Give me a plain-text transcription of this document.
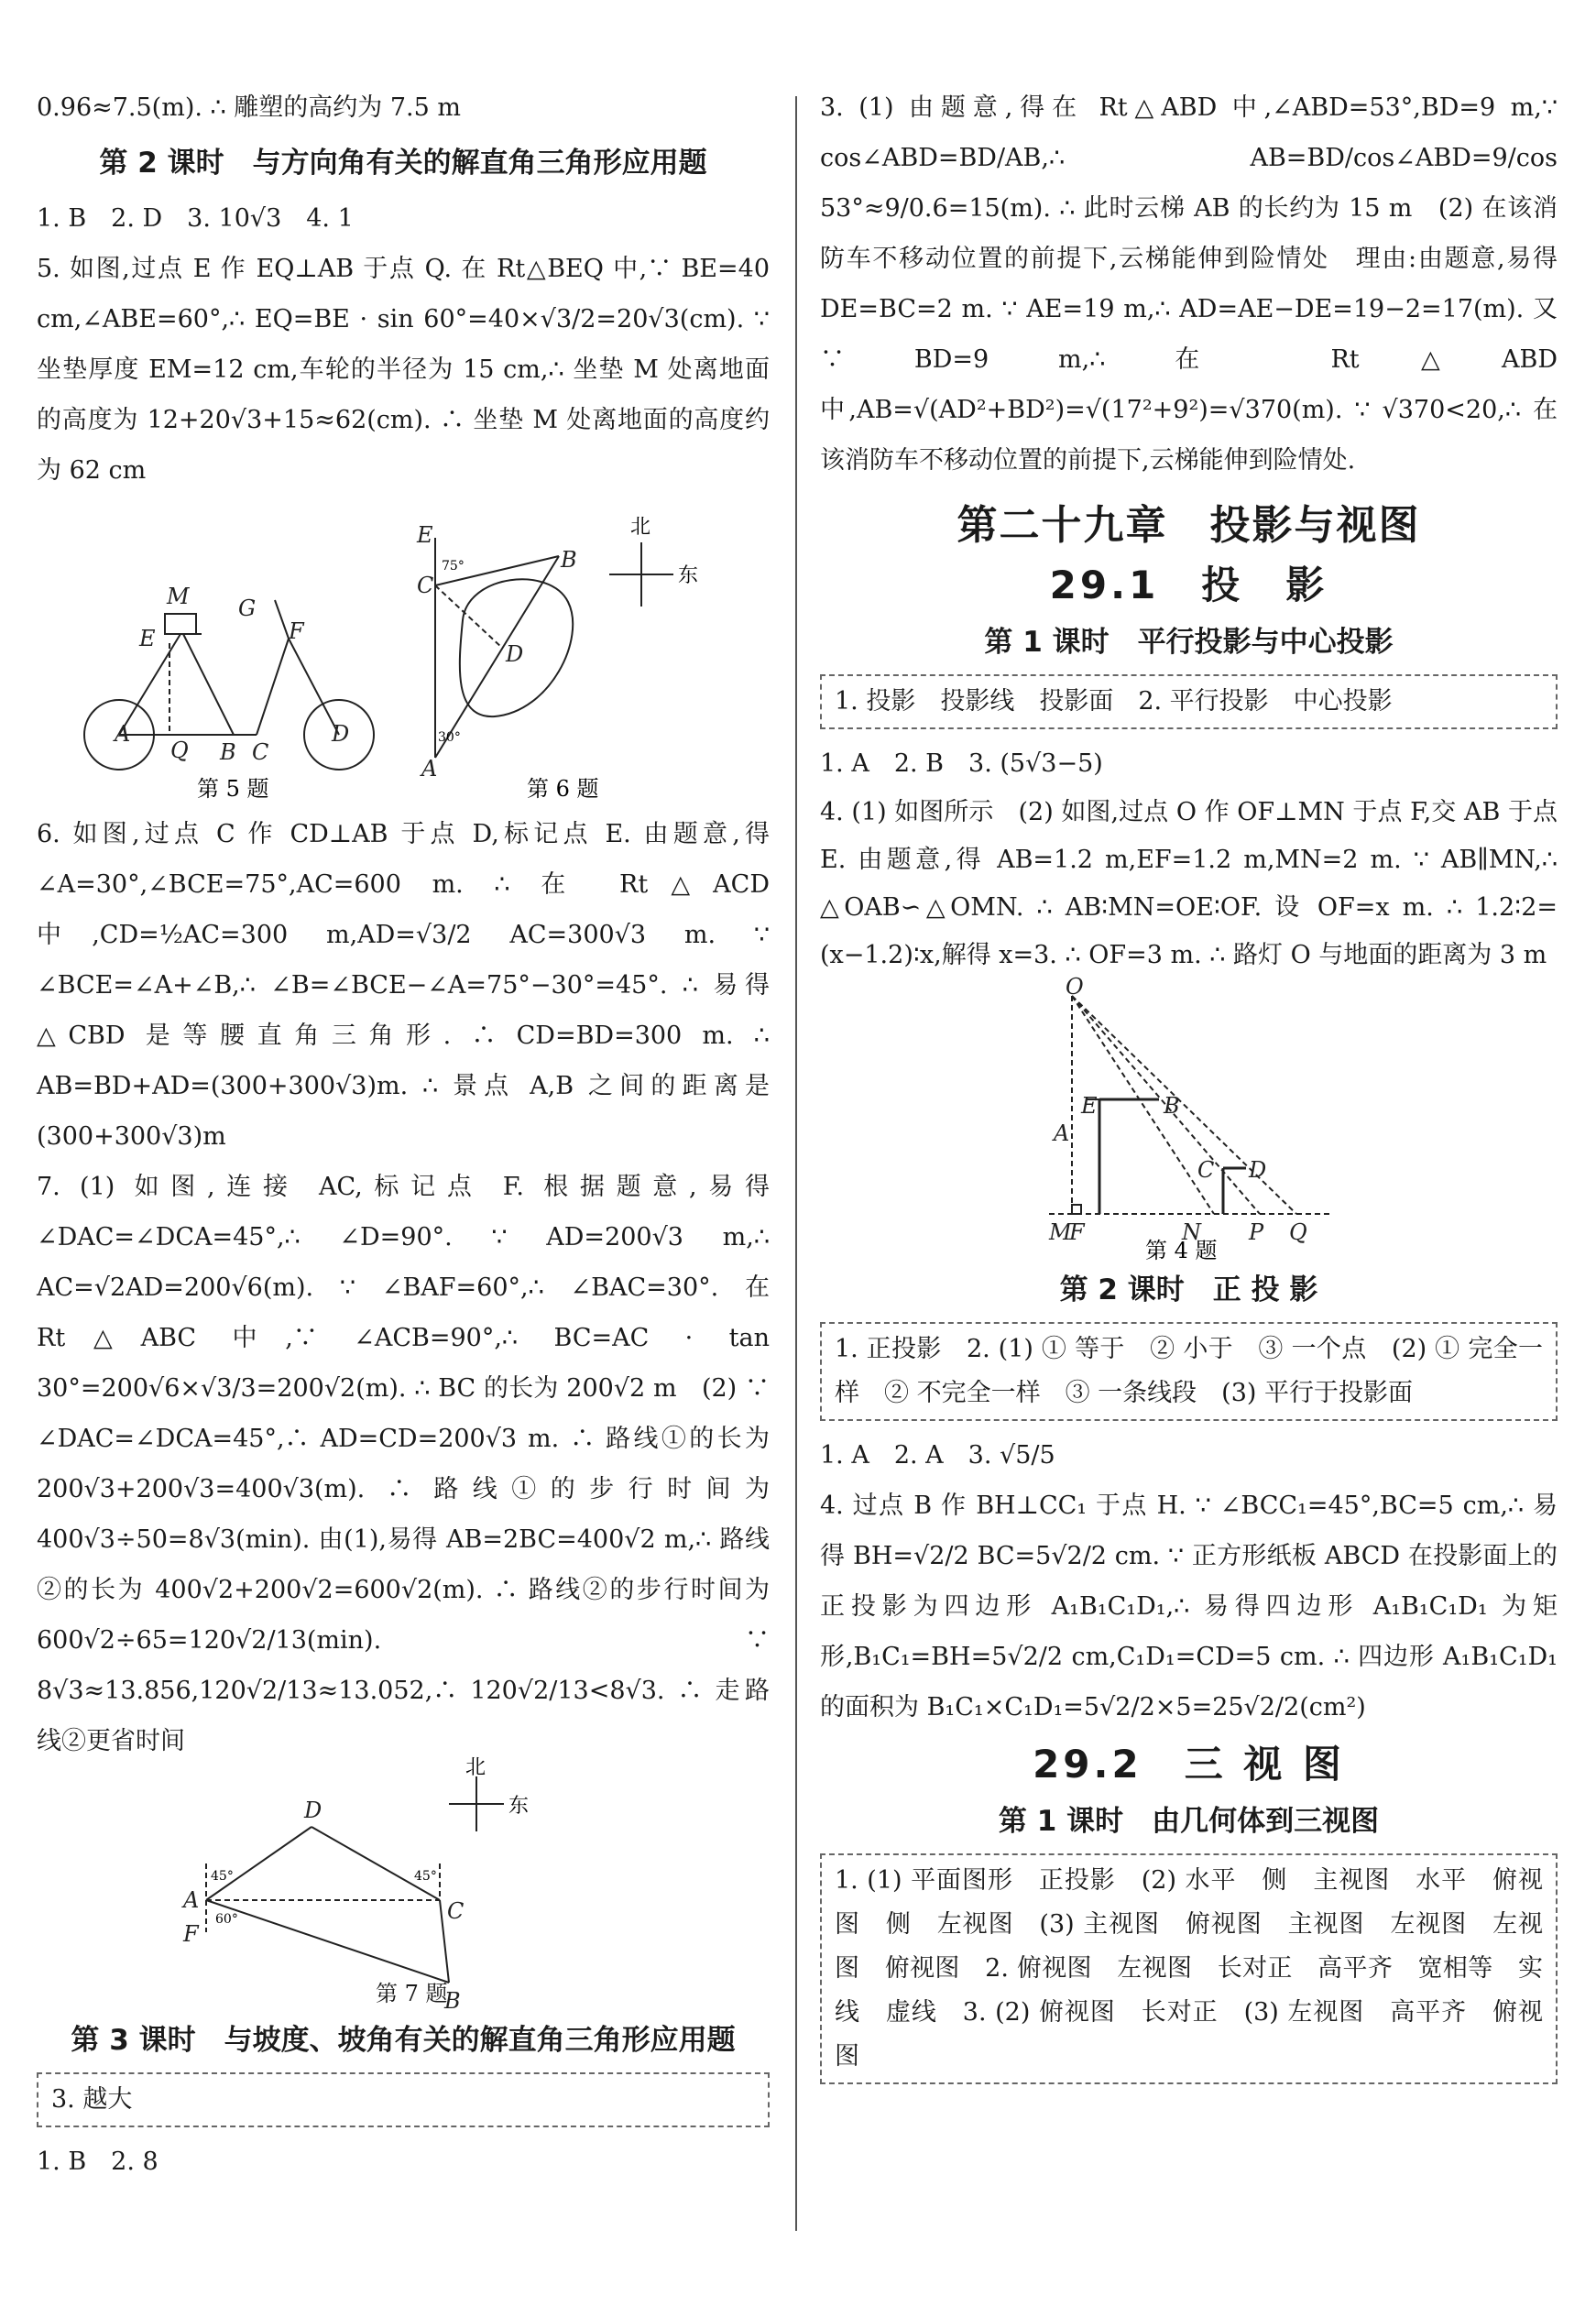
0.96≈7.5(m). ∴ 雕塑的高约为 7.5 m

第 2 课时　与方向角有关的解直角三角形应用题

1. B　2. D　3. 10√3　4. 1

5. 如图,过点 E 作 EQ⊥AB 于点 Q. 在 Rt△BEQ 中,∵ BE=40 cm,∠ABE=60°,∴ EQ=BE · sin 60°=40×√3/2=20√3(cm). ∵ 坐垫厚度 EM=12 cm,车轮的半径为 15 cm,∴ 坐垫 M 处离地面的高度为 12+20√3+15≈62(cm). ∴ 坐垫 M 处离地面的高度约为 62 cm

M
E
G
F
A
Q B C
D
第 5 题
E
C
B
D
A
75°
30°
北
东
第 6 题

6. 如图,过点 C 作 CD⊥AB 于点 D,标记点 E. 由题意,得∠A=30°,∠BCE=75°,AC=600 m. ∴ 在 Rt△ACD 中,CD=½AC=300 m,AD=√3/2 AC=300√3 m. ∵ ∠BCE=∠A+∠B,∴ ∠B=∠BCE−∠A=75°−30°=45°. ∴ 易得△CBD 是等腰直角三角形. ∴ CD=BD=300 m. ∴ AB=BD+AD=(300+300√3)m. ∴ 景点 A,B 之间的距离是(300+300√3)m

7. (1) 如图,连接 AC,标记点 F. 根据题意,易得∠DAC=∠DCA=45°,∴ ∠D=90°. ∵ AD=200√3 m,∴ AC=√2AD=200√6(m). ∵ ∠BAF=60°,∴ ∠BAC=30°. 在 Rt△ABC 中,∵ ∠ACB=90°,∴ BC=AC · tan 30°=200√6×√3/3=200√2(m). ∴ BC 的长为 200√2 m　(2) ∵ ∠DAC=∠DCA=45°,∴ AD=CD=200√3 m. ∴ 路线①的长为 200√3+200√3=400√3(m). ∴ 路线①的步行时间为 400√3÷50=8√3(min). 由(1),易得 AB=2BC=400√2 m,∴ 路线②的长为 400√2+200√2=600√2(m). ∴ 路线②的步行时间为 600√2÷65=120√2/13(min). ∵ 8√3≈13.856,120√2/13≈13.052,∴ 120√2/13<8√3. ∴ 走路线②更省时间

D
A	C
F
B
45°	45°
60°
北
东
第 7 题
第 3 课时　与坡度、坡角有关的解直角三角形应用题

3. 越大

1. B　2. 8

3. (1) 由题意,得在 Rt△ABD 中,∠ABD=53°,BD=9 m,∵ cos∠ABD=BD/AB,∴ AB=BD/cos∠ABD=9/cos 53°≈9/0.6=15(m). ∴ 此时云梯 AB 的长约为 15 m　(2) 在该消防车不移动位置的前提下,云梯能伸到险情处　理由:由题意,易得 DE=BC=2 m. ∵ AE=19 m,∴ AD=AE−DE=19−2=17(m). 又∵ BD=9 m,∴ 在 Rt△ABD 中,AB=√(AD²+BD²)=√(17²+9²)=√370(m). ∵ √370<20,∴ 在该消防车不移动位置的前提下,云梯能伸到险情处.

第二十九章　投影与视图
29.1　投　影
第 1 课时　平行投影与中心投影

1. 投影　投影线　投影面　2. 平行投影　中心投影

1. A　2. B　3. (5√3−5)

4. (1) 如图所示　(2) 如图,过点 O 作 OF⊥MN 于点 F,交 AB 于点 E. 由题意,得 AB=1.2 m,EF=1.2 m,MN=2 m. ∵ AB∥MN,∴ △OAB∽△OMN. ∴ AB∶MN=OE∶OF. 设 OF=x m. ∴ 1.2∶2=(x−1.2)∶x,解得 x=3. ∴ OF=3 m. ∴ 路灯 O 与地面的距离为 3 m

O
E	B
A
C D
M
F	N P Q
第 4 题
第 2 课时　正 投 影

1. 正投影　2. (1) ① 等于　② 小于　③ 一个点　(2) ① 完全一样　② 不完全一样　③ 一条线段　(3) 平行于投影面

1. A　2. A　3. √5/5

4. 过点 B 作 BH⊥CC₁ 于点 H. ∵ ∠BCC₁=45°,BC=5 cm,∴ 易得 BH=√2/2 BC=5√2/2 cm. ∵ 正方形纸板 ABCD 在投影面上的正投影为四边形 A₁B₁C₁D₁,∴ 易得四边形 A₁B₁C₁D₁ 为矩形,B₁C₁=BH=5√2/2 cm,C₁D₁=CD=5 cm. ∴ 四边形 A₁B₁C₁D₁ 的面积为 B₁C₁×C₁D₁=5√2/2×5=25√2/2(cm²)

29.2　三 视 图
第 1 课时　由几何体到三视图

1. (1) 平面图形　正投影　(2) 水平　侧　主视图　水平　俯视图　侧　左视图　(3) 主视图　俯视图　主视图　左视图　左视图　俯视图　2. 俯视图　左视图　长对正　高平齐　宽相等　实线　虚线　3. (2) 俯视图　长对正　(3) 左视图　高平齐　俯视图
